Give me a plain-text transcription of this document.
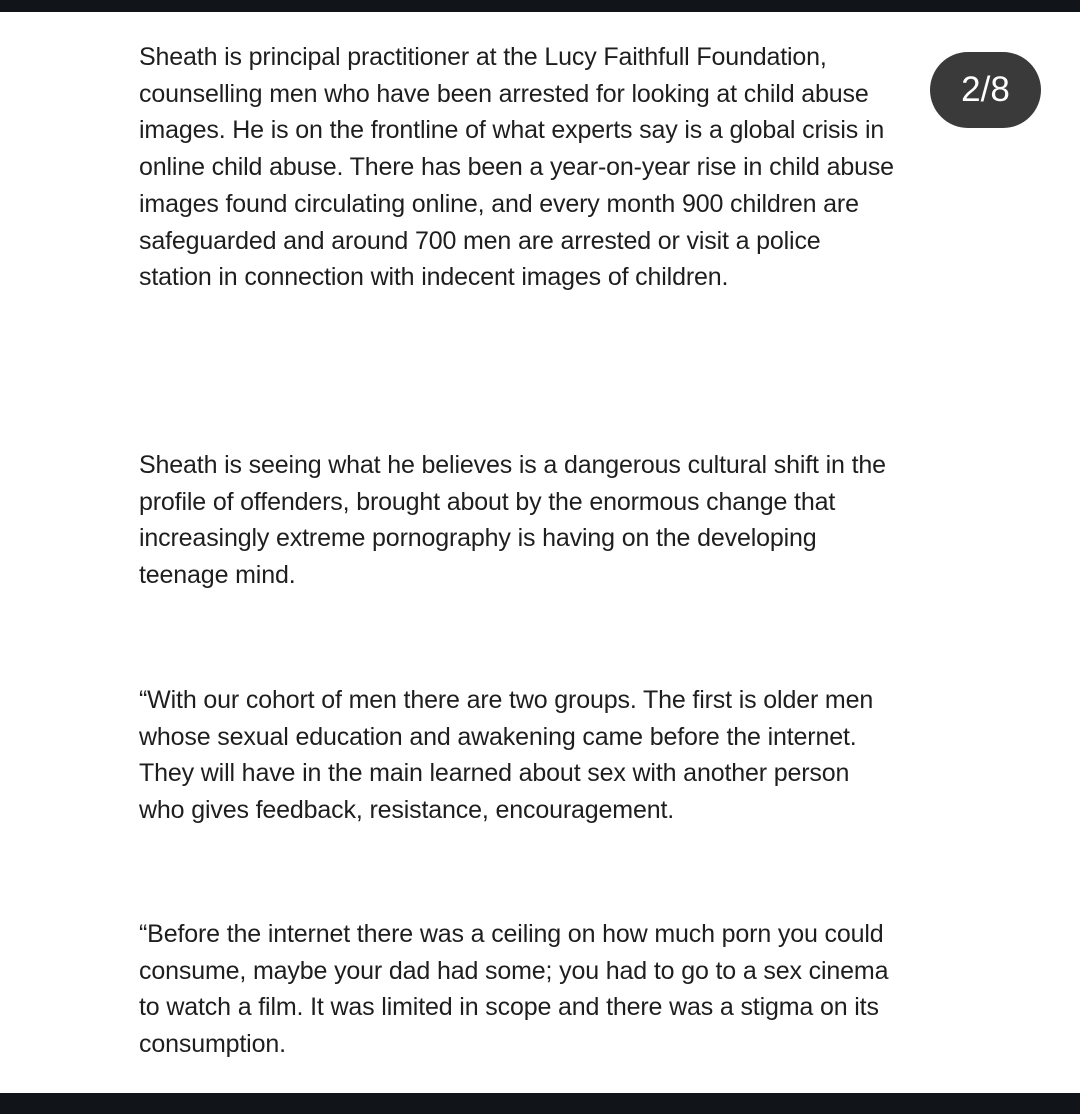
2/8

Sheath is principal practitioner at the Lucy Faithfull Foundation,
counselling men who have been arrested for looking at child abuse
images. He is on the frontline of what experts say is a global crisis in
online child abuse. There has been a year-on-year rise in child abuse
images found circulating online, and every month 900 children are
safeguarded and around 700 men are arrested or visit a police
station in connection with indecent images of children.

Sheath is seeing what he believes is a dangerous cultural shift in the
profile of offenders, brought about by the enormous change that
increasingly extreme pornography is having on the developing
teenage mind.

“With our cohort of men there are two groups. The first is older men
whose sexual education and awakening came before the internet.
They will have in the main learned about sex with another person
who gives feedback, resistance, encouragement.

“Before the internet there was a ceiling on how much porn you could
consume, maybe your dad had some; you had to go to a sex cinema
to watch a film. It was limited in scope and there was a stigma on its
consumption.
